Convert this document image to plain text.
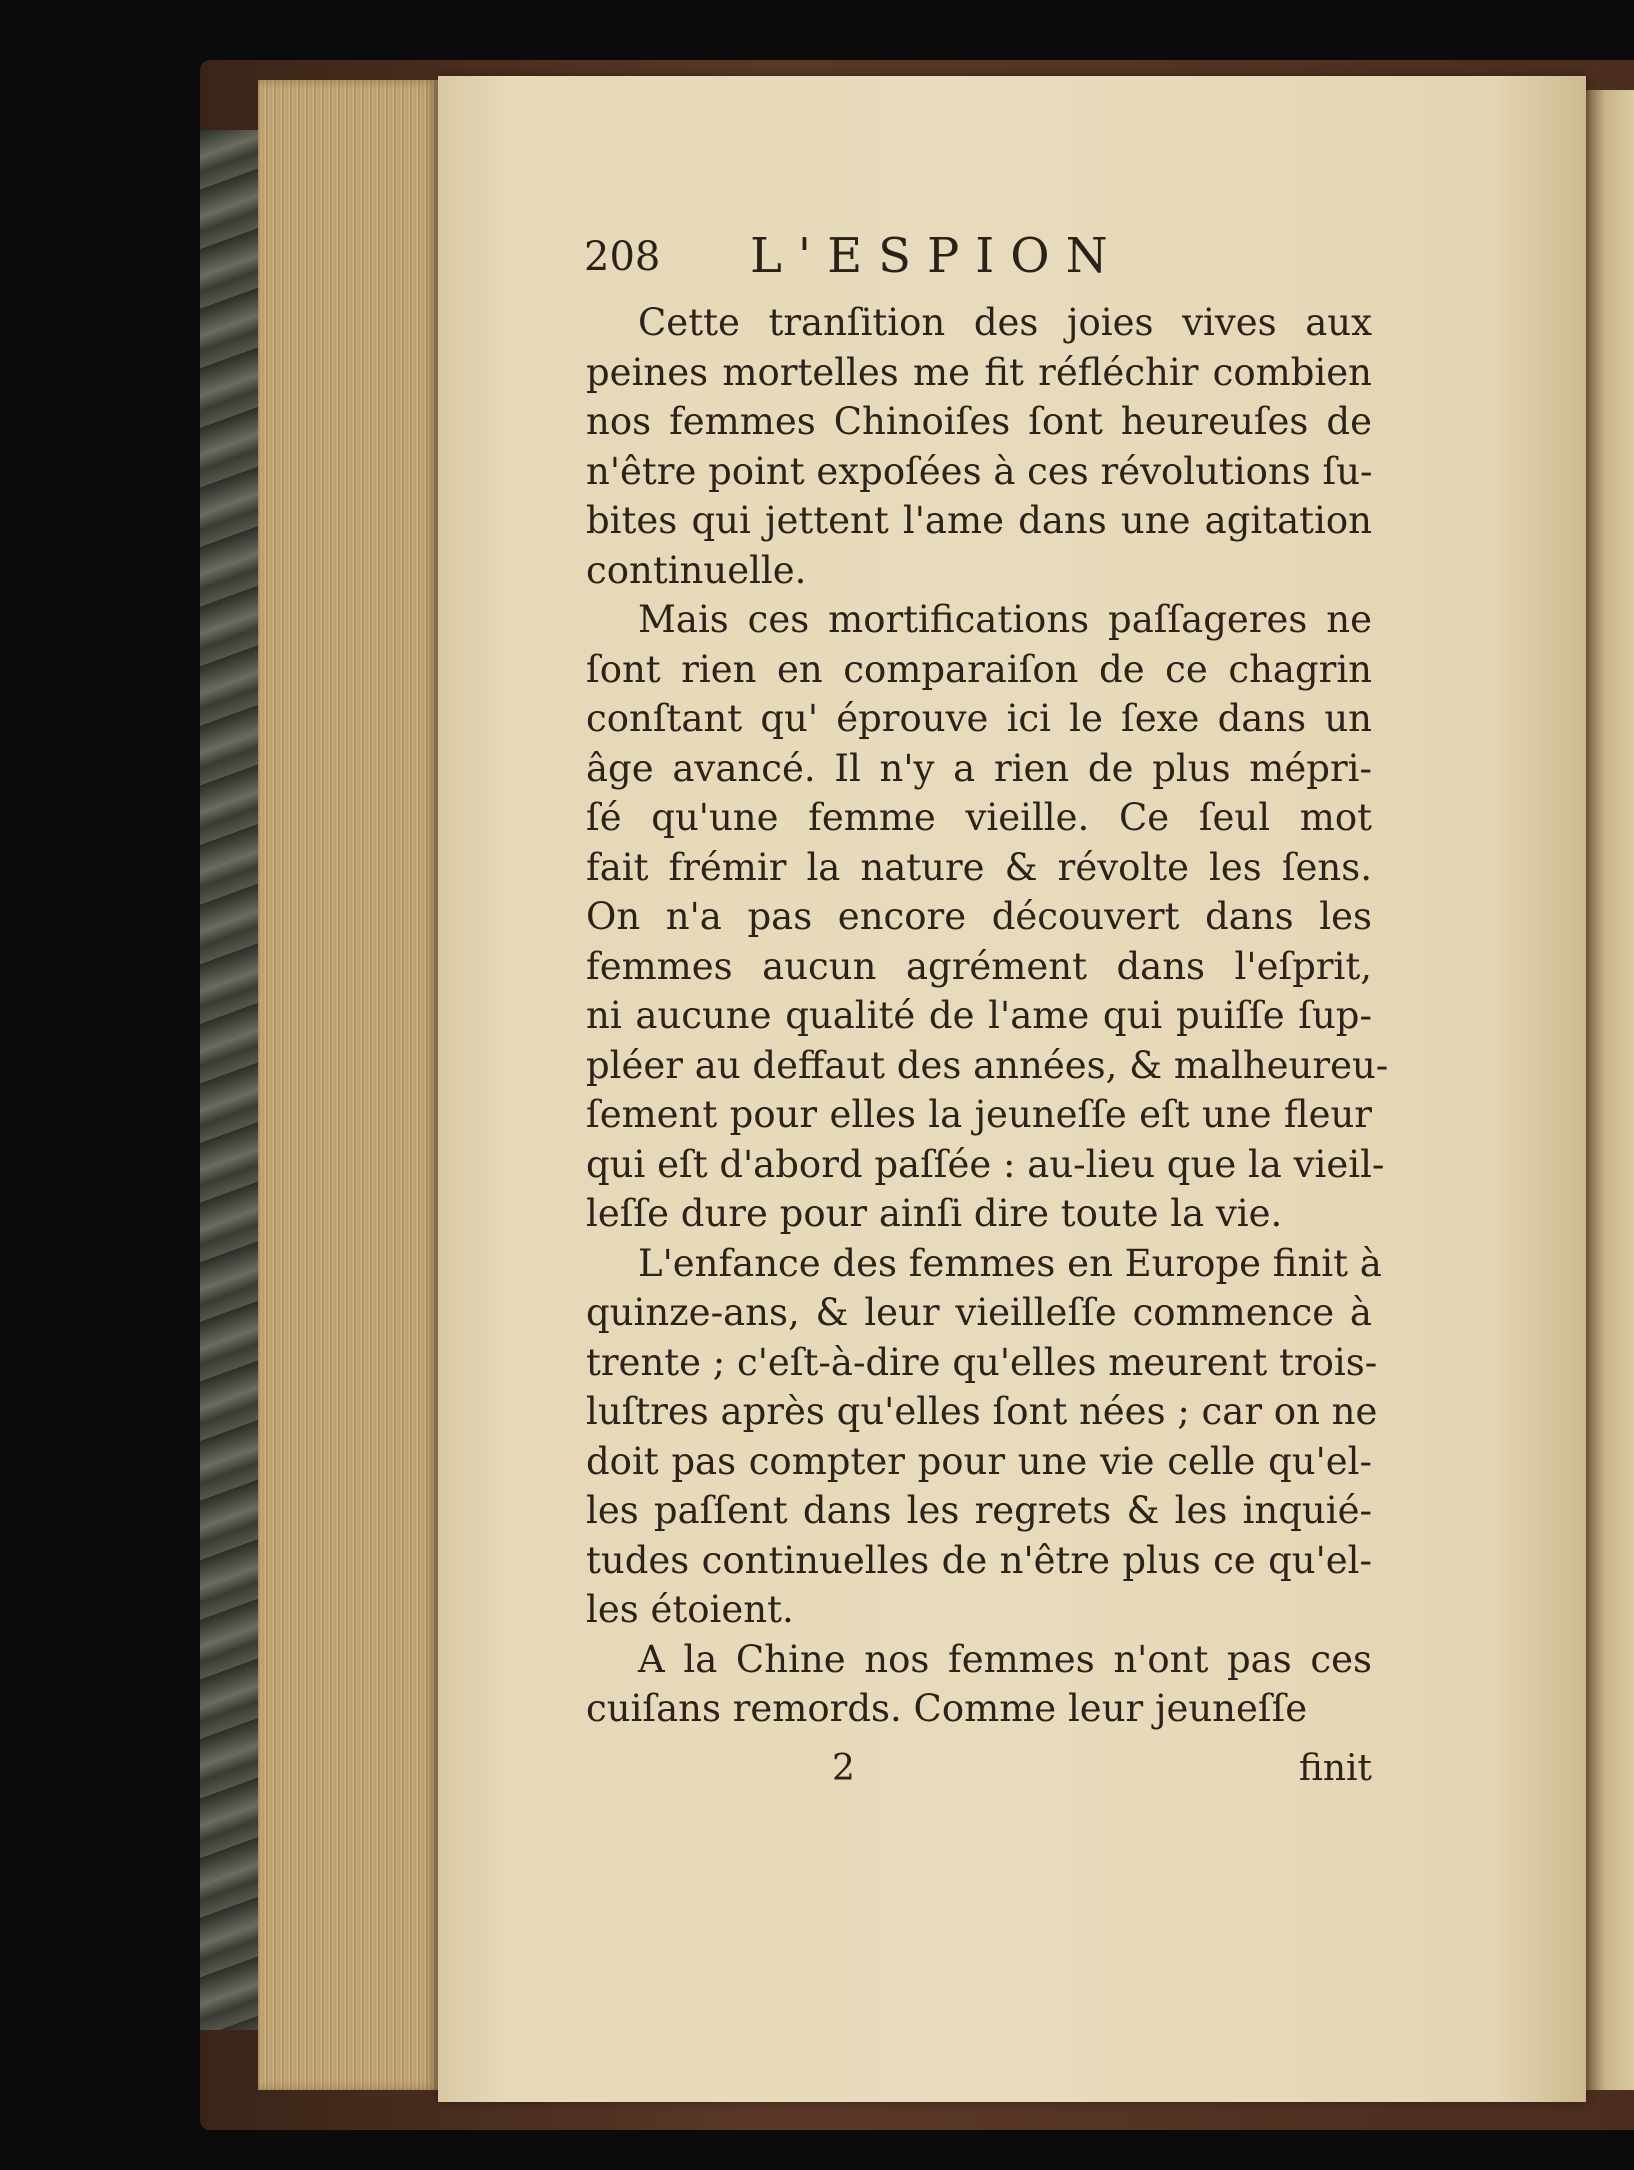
208 L'ESPION
Cette tranſition des joies vives aux
peines mortelles me fit réfléchir combien
nos femmes Chinoiſes ſont heureuſes de
n'être point expoſées à ces révolutions ſu-
bites qui jettent l'ame dans une agitation
continuelle.
Mais ces mortifications paſſageres ne
ſont rien en comparaiſon de ce chagrin
conſtant qu' éprouve ici le ſexe dans un
âge avancé. Il n'y a rien de plus mépri-
ſé qu'une femme vieille. Ce ſeul mot
fait frémir la nature & révolte les ſens.
On n'a pas encore découvert dans les
femmes aucun agrément dans l'eſprit,
ni aucune qualité de l'ame qui puiſſe ſup-
pléer au deffaut des années, & malheureu-
ſement pour elles la jeuneſſe eſt une fleur
qui eſt d'abord paſſée : au-lieu que la vieil-
leſſe dure pour ainſi dire toute la vie.
L'enfance des femmes en Europe finit à
quinze-ans, & leur vieilleſſe commence à
trente ; c'eſt-à-dire qu'elles meurent trois-
luſtres après qu'elles ſont nées ; car on ne
doit pas compter pour une vie celle qu'el-
les paſſent dans les regrets & les inquié-
tudes continuelles de n'être plus ce qu'el-
les étoient.
A la Chine nos femmes n'ont pas ces
cuiſans remords. Comme leur jeuneſſe
2	finit
